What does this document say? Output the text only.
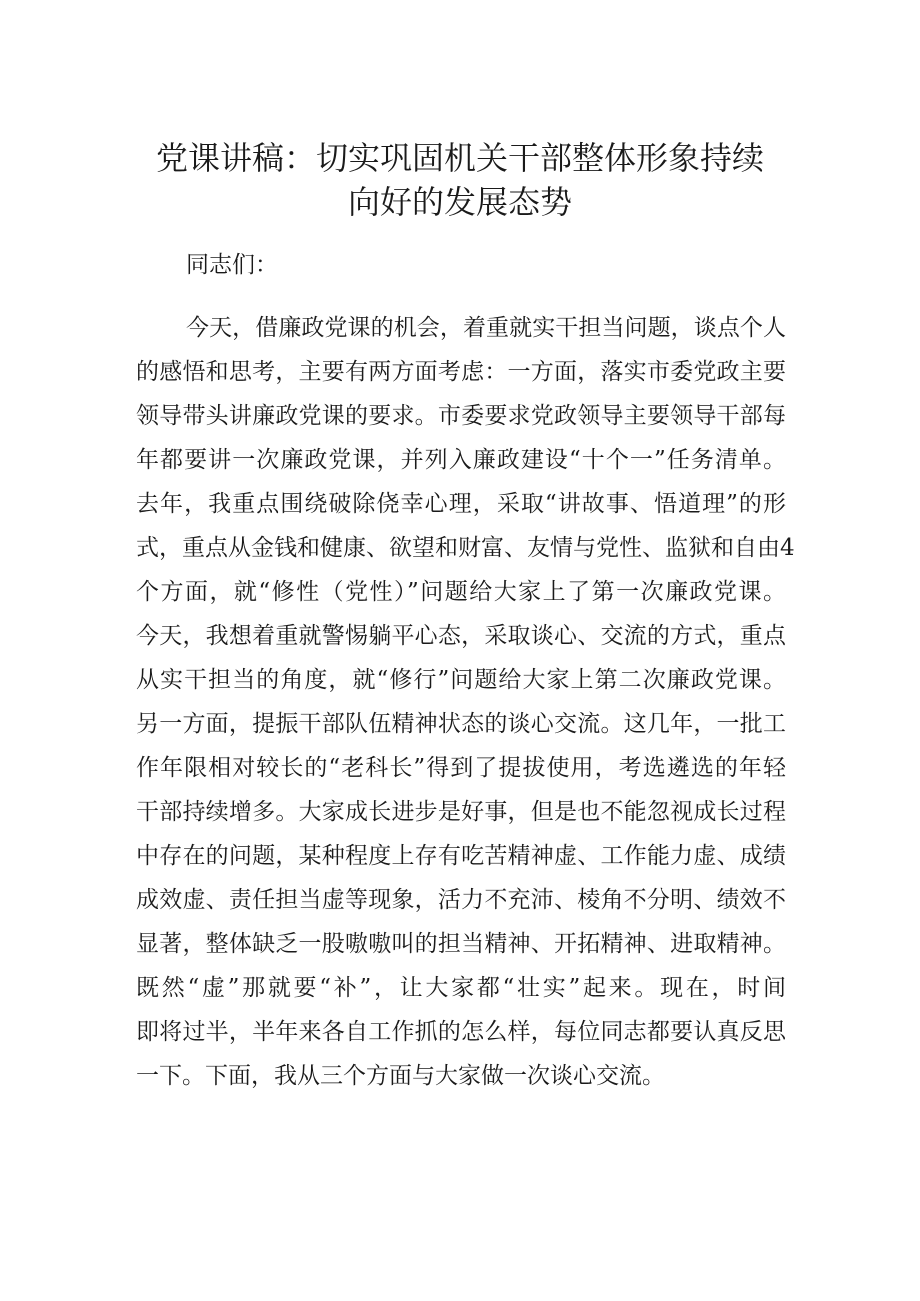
党课讲稿：切实巩固机关干部整体形象持续
向好的发展态势

同志们：

今天，借廉政党课的机会，着重就实干担当问题，谈点个人
的感悟和思考，主要有两方面考虑：一方面，落实市委党政主要
领导带头讲廉政党课的要求。市委要求党政领导主要领导干部每
年都要讲一次廉政党课，并列入廉政建设“十个一”任务清单。
去年，我重点围绕破除侥幸心理，采取“讲故事、悟道理”的形
式，重点从金钱和健康、欲望和财富、友情与党性、监狱和自由4
个方面，就“修性（党性）”问题给大家上了第一次廉政党课。
今天，我想着重就警惕躺平心态，采取谈心、交流的方式，重点
从实干担当的角度，就“修行”问题给大家上第二次廉政党课。
另一方面，提振干部队伍精神状态的谈心交流。这几年，一批工
作年限相对较长的“老科长”得到了提拔使用，考选遴选的年轻
干部持续增多。大家成长进步是好事，但是也不能忽视成长过程
中存在的问题，某种程度上存有吃苦精神虚、工作能力虚、成绩
成效虚、责任担当虚等现象，活力不充沛、棱角不分明、绩效不
显著，整体缺乏一股嗷嗷叫的担当精神、开拓精神、进取精神。
既然“虚”那就要“补”，让大家都“壮实”起来。现在，时间
即将过半，半年来各自工作抓的怎么样，每位同志都要认真反思
一下。下面，我从三个方面与大家做一次谈心交流。
